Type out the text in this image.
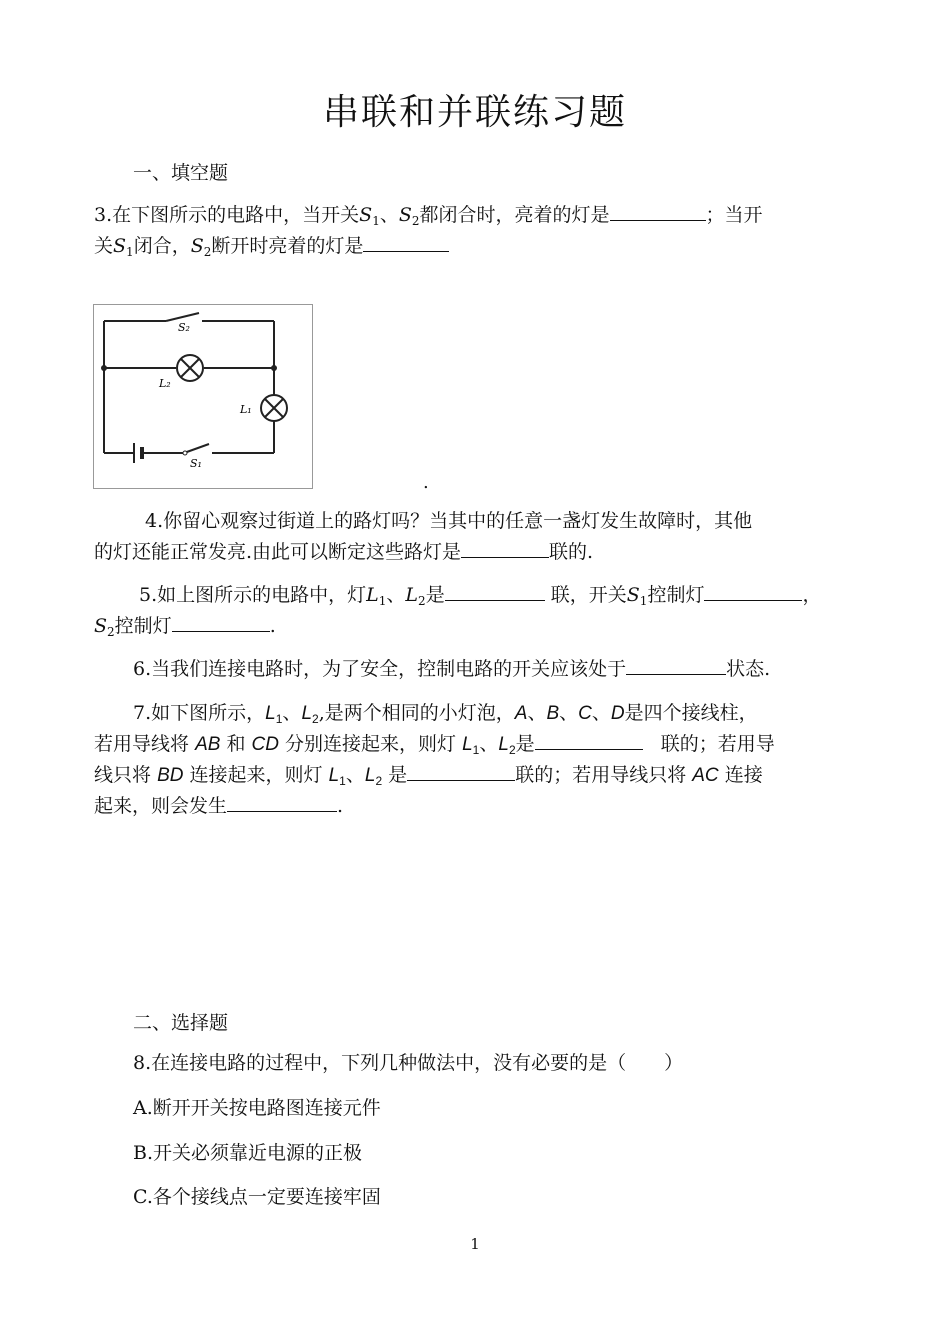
串联和并联练习题
一、填空题
3.在下图所示的电路中，当开关$S_1$、$S_2$都闭合时，亮着的灯是	；当开
关$S_1$闭合，$S_2$断开时亮着的灯是
S₂
S₁
L₂
L₁
.
4.你留心观察过街道上的路灯吗？当其中的任意一盏灯发生故障时，其他
的灯还能正常发亮.由此可以断定这些路灯是	联的.
5.如上图所示的电路中，灯$L_1$、$L_2$是	联，开关$S_1$控制灯	，
$S_2$控制灯	.
6.当我们连接电路时，为了安全，控制电路的开关应该处于	状态.
7.如下图所示，$L_1$、$L_2$,是两个相同的小灯泡，A、B、C、D是四个接线柱，
若用导线将 AB 和 CD 分别连接起来，则灯 $L_1$、$L_2$是	联的；若用导
线只将 BD 连接起来，则灯 $L_1$、$L_2$ 是	联的；若用导线只将 AC 连接
起来，则会发生	.
二、选择题
8.在连接电路的过程中，下列几种做法中，没有必要的是（　　）
A.断开开关按电路图连接元件
B.开关必须靠近电源的正极
C.各个接线点一定要连接牢固
1
